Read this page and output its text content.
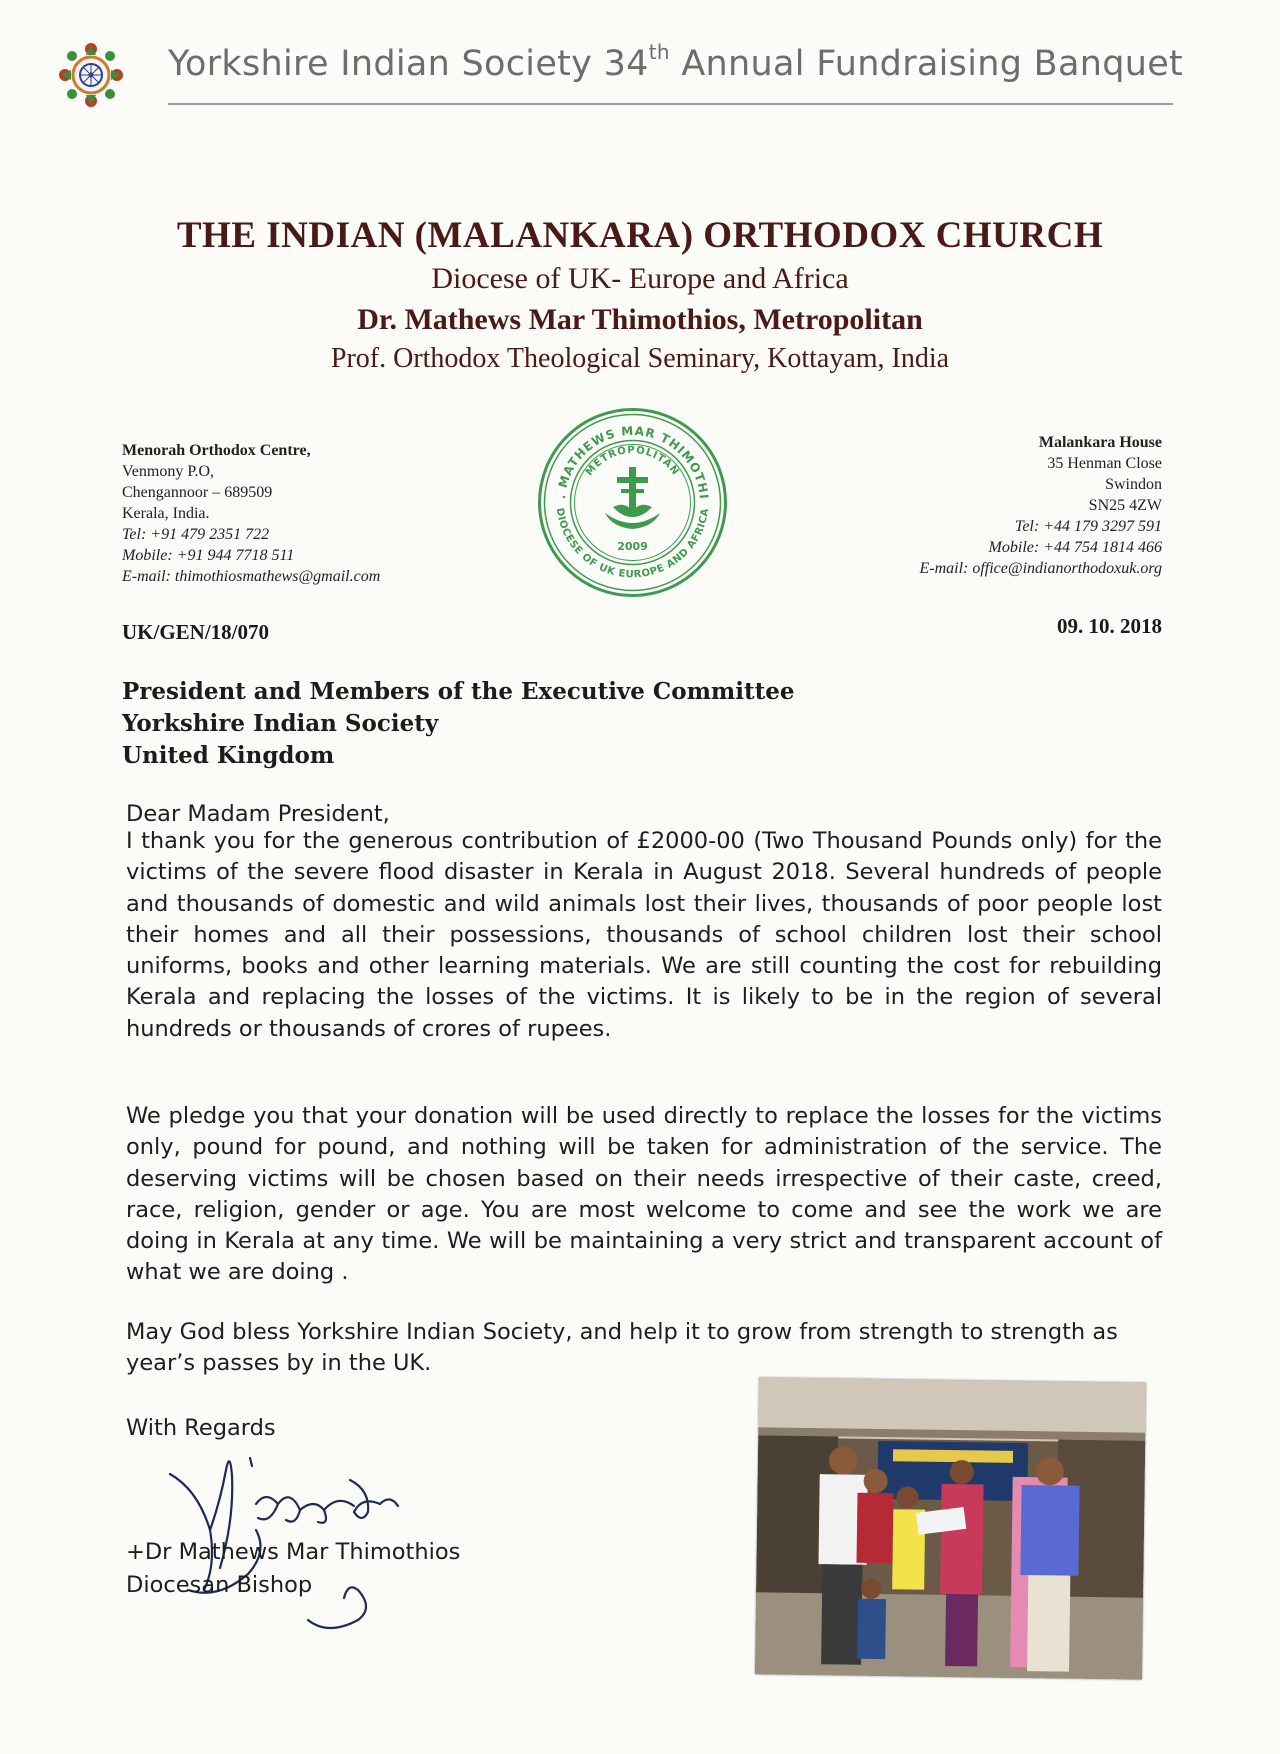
Yorkshire Indian Society 34th Annual Fundraising Banquet
THE INDIAN (MALANKARA) ORTHODOX CHURCH
Diocese of UK- Europe and Africa
Dr. Mathews Mar Thimothios, Metropolitan
Prof. Orthodox Theological Seminary, Kottayam, India
Menorah Orthodox Centre,
Venmony P.O,
Chengannoor – 689509
Kerala, India.
Tel: +91 479 2351 722
Mobile: +91 944 7718 511
E-mail: thimothiosmathews@gmail.com
. MATHEWS MAR THIMOTHI
METROPOLITAN
DIOCESE OF UK EUROPE AND AFRICA
2009
Malankara House
35 Henman Close
Swindon
SN25 4ZW
Tel: +44 179 3297 591
Mobile: +44 754 1814 466
E-mail: office@indianorthodoxuk.org
UK/GEN/18/070	09. 10. 2018
President and Members of the Executive Committee
Yorkshire Indian Society
United Kingdom
Dear Madam President,
I thank you for the generous contribution of £2000-00 (Two Thousand Pounds only) for the victims of the severe flood disaster in Kerala in August 2018. Several hundreds of people and thousands of domestic and wild animals lost their lives, thousands of poor people lost their homes and all their possessions, thousands of school children lost their school uniforms, books and other learning materials. We are still counting the cost for rebuilding Kerala and replacing the losses of the victims. It is likely to be in the region of several hundreds or thousands of crores of rupees.
We pledge you that your donation will be used directly to replace the losses for the victims only, pound for pound, and nothing will be taken for administration of the service. The deserving victims will be chosen based on their needs irrespective of their caste, creed, race, religion, gender or age. You are most welcome to come and see the work we are doing in Kerala at any time. We will be maintaining a very strict and transparent account of what we are doing .
May God bless Yorkshire Indian Society, and help it to grow from strength to strength as year’s passes by in the UK.
With Regards
+Dr Mathews Mar Thimothios
Diocesan Bishop
